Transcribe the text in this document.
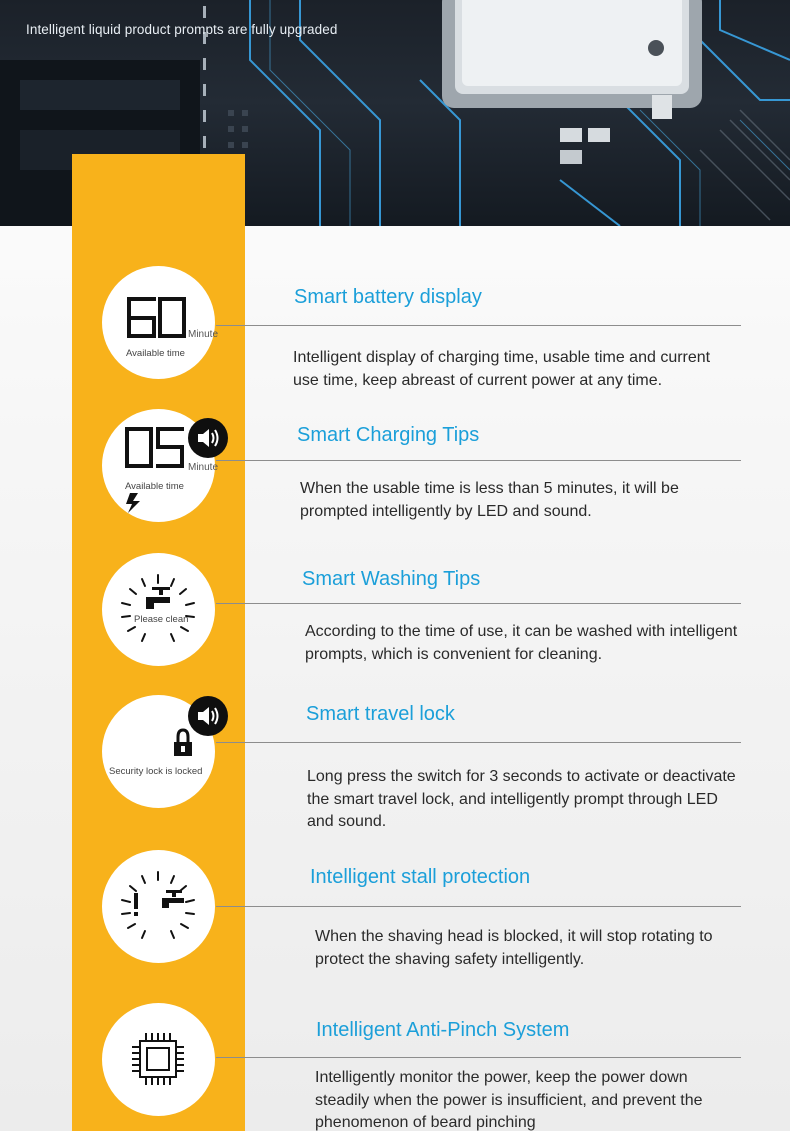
Intelligent liquid product prompts are fully upgraded
Minute
Available time
Smart battery display
Intelligent display of charging time, usable time and current use time, keep abreast of current power at any time.
Minute
Available time
Smart Charging Tips
When the usable time is less than 5 minutes, it will be prompted intelligently by LED and sound.
Please clean
Smart Washing Tips
According to the time of use, it can be washed with intelligent prompts, which is convenient for cleaning.
Security lock is locked
Smart travel lock
Long press the switch for 3 seconds to activate or deactivate the smart travel lock, and intelligently prompt through LED and sound.
Intelligent stall protection
When the shaving head is blocked, it will stop rotating to protect the shaving safety intelligently.
Intelligent Anti-Pinch System
Intelligently monitor the power, keep the power down steadily when the power is insufficient, and prevent the phenomenon of beard pinching
